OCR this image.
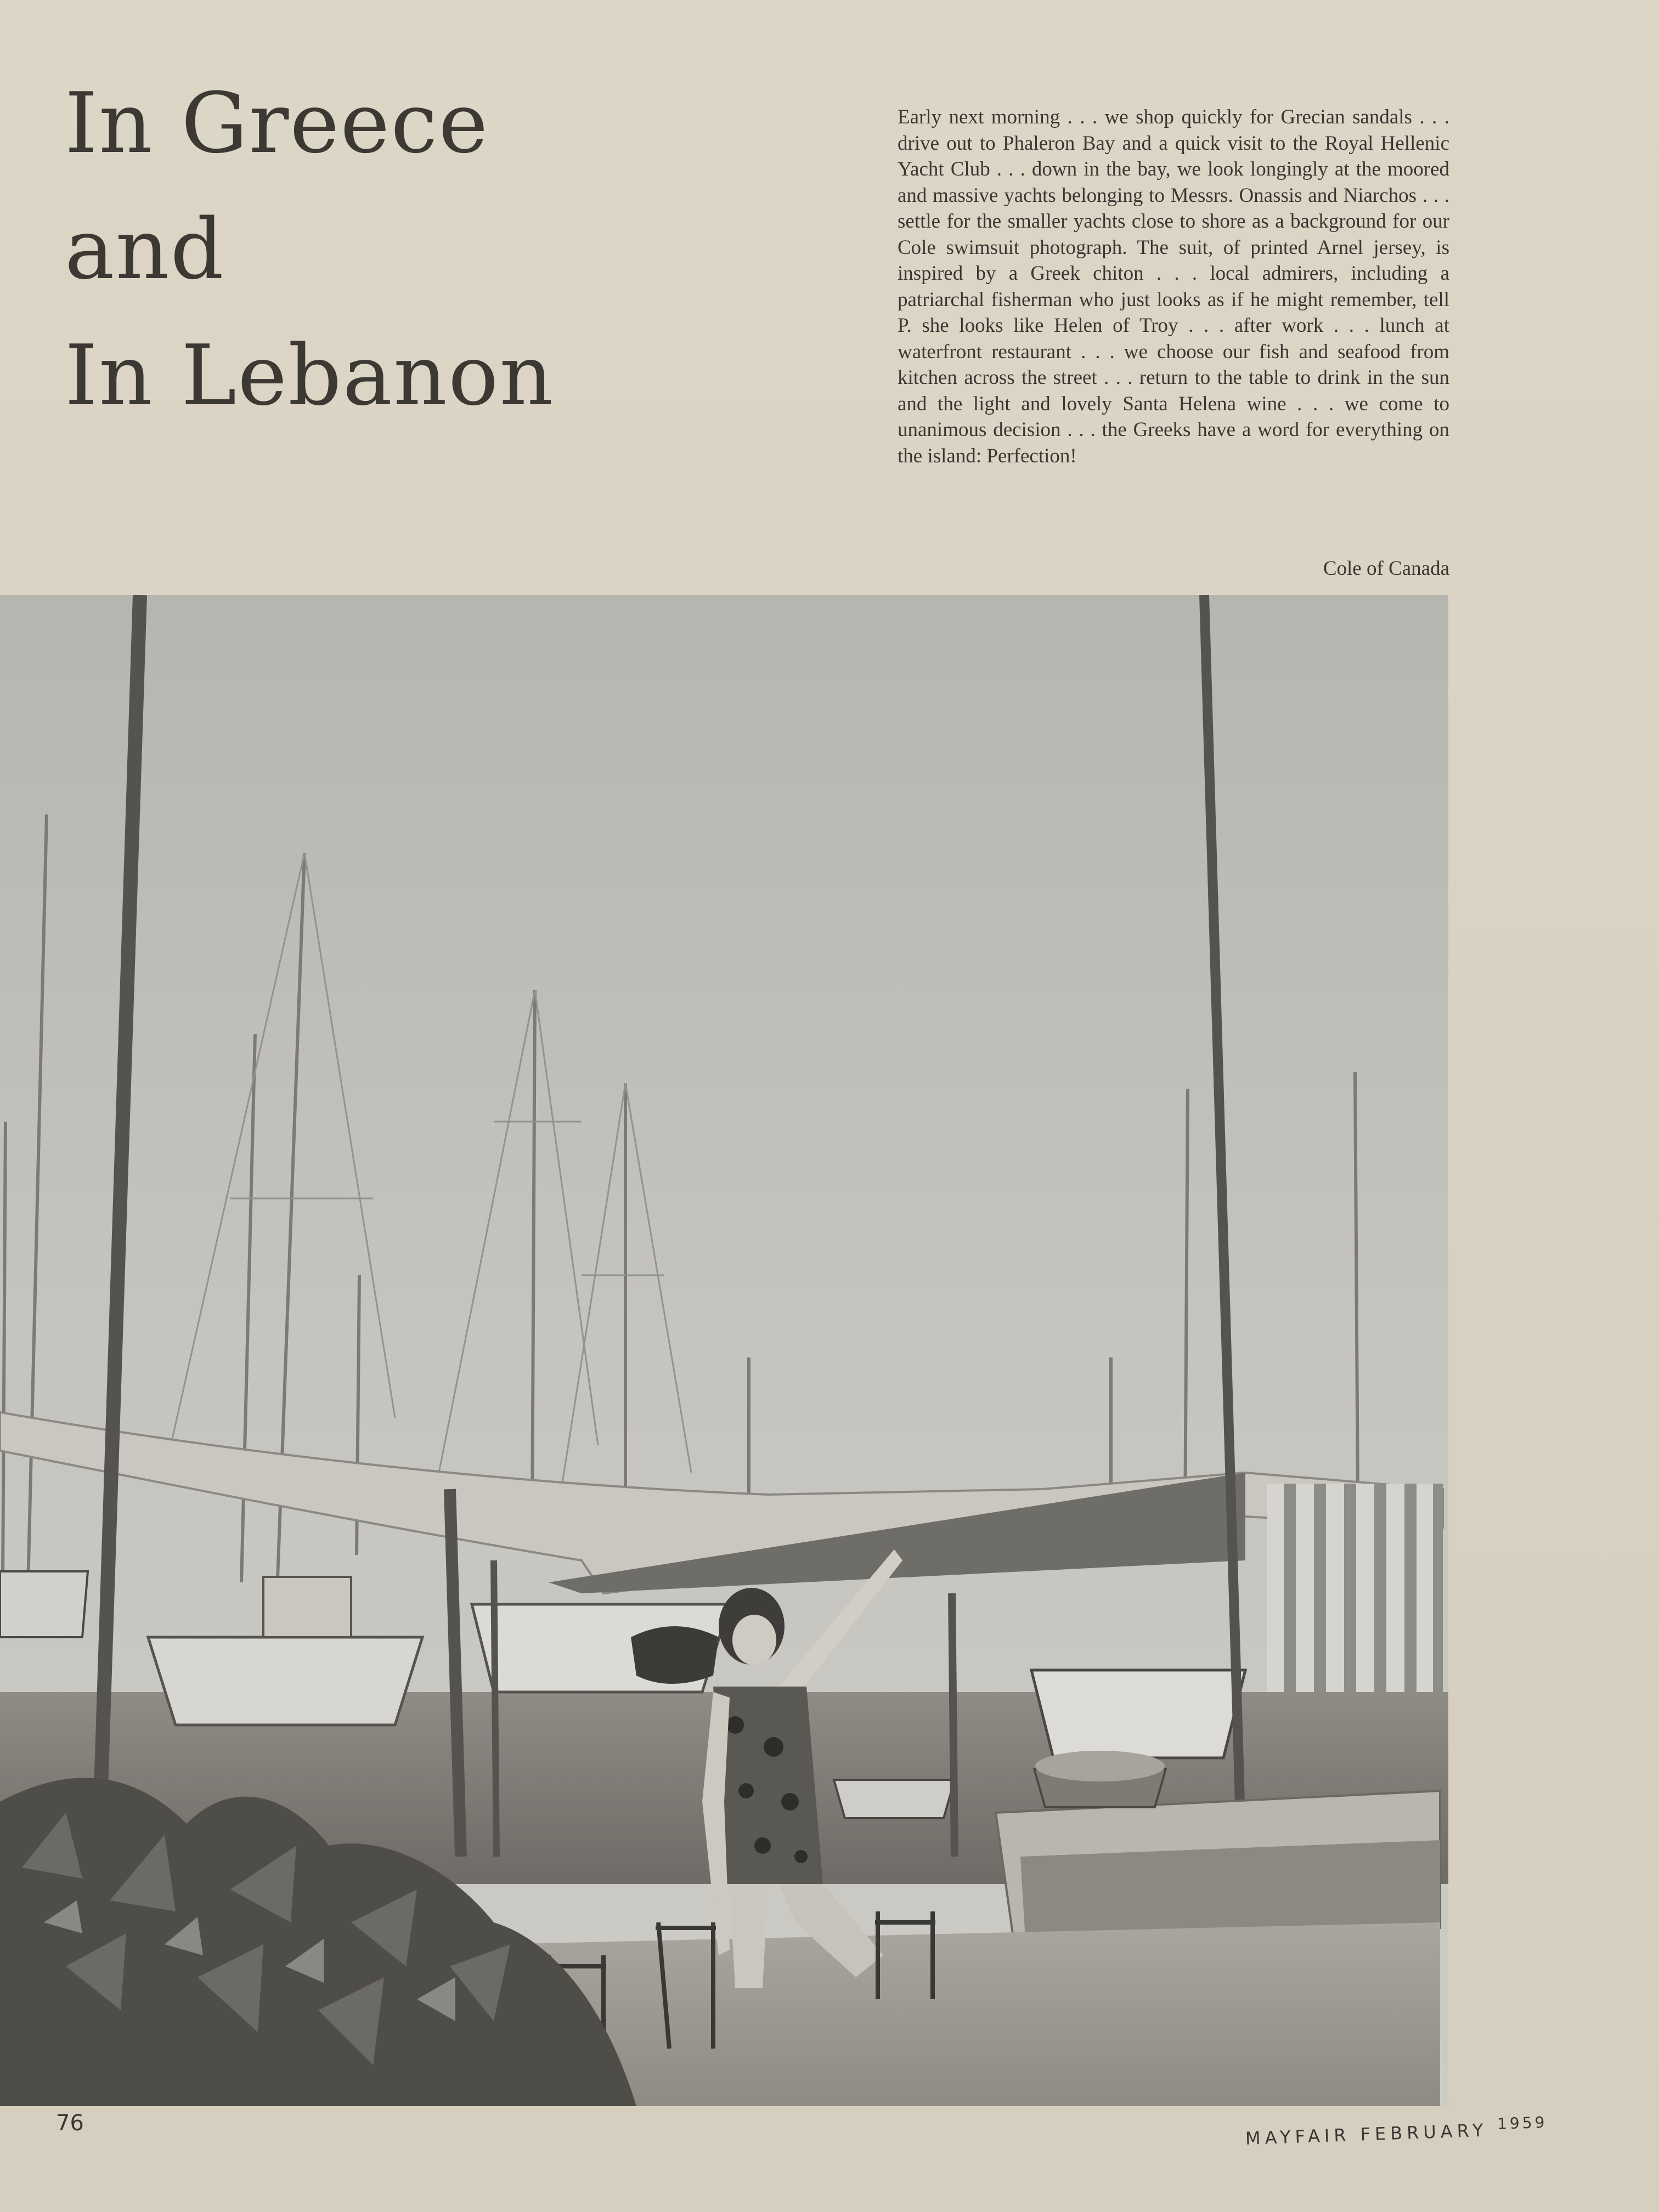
In Greece
and
In Lebanon

Early next morning . . . we shop quickly for Grecian sandals . . . drive out to Phaleron Bay and a quick visit to the Royal Hellenic Yacht Club . . . down in the bay, we look longingly at the moored and massive yachts belonging to Messrs. Onassis and Niarchos . . . settle for the smaller yachts close to shore as a background for our Cole swimsuit photograph. The suit, of printed Arnel jersey, is inspired by a Greek chiton . . . local admirers, including a patriarchal fisherman who just looks as if he might remember, tell P. she looks like Helen of Troy . . . after work . . . lunch at waterfront restaurant . . . we choose our fish and seafood from kitchen across the street . . . return to the table to drink in the sun and the light and lovely Santa Helena wine . . . we come to unanimous decision . . . the Greeks have a word for everything on the island: Perfection!

Cole of Canada
76	MAYFAIR FEBRUARY 1959
